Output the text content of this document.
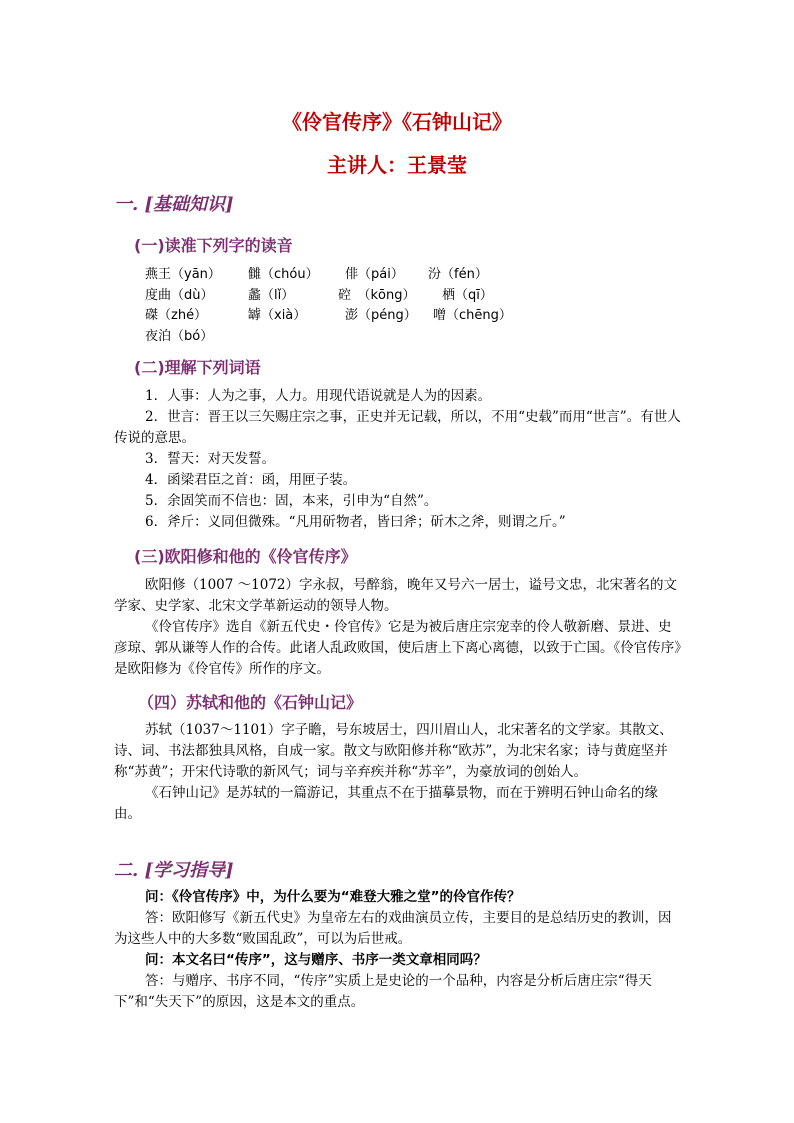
《伶官传序》《石钟山记》
主讲人：王景莹
一. [基础知识]
(一)读准下列字的读音
燕王（yān） 雠（chóu） 俳（pái） 汾（fén）
度曲（dù）	蠡（lǐ）	硿　（kōng） 栖（qī）
磔（zhé）	罅（xià）	澎（péng） 噌（chēng）
夜泊（bó）
(二)理解下列词语

1．人事：人为之事，人力。用现代语说就是人为的因素。

2．世言：晋王以三矢赐庄宗之事，正史并无记载，所以，不用“史载”而用“世言”。有世人传说的意思。

3．誓天：对天发誓。

4．函梁君臣之首：函，用匣子装。

5．余固笑而不信也：固，本来，引申为“自然”。

6．斧斤：义同但微殊。“凡用斫物者，皆曰斧；斫木之斧，则谓之斤。”

(三)欧阳修和他的《伶官传序》

欧阳修（1007 ～1072）字永叔，号醉翁，晚年又号六一居士，谥号文忠，北宋著名的文学家、史学家、北宋文学革新运动的领导人物。

《伶官传序》选自《新五代史・伶官传》它是为被后唐庄宗宠幸的伶人敬新磨、景进、史彦琼、郭从谦等人作的合传。此诸人乱政败国，使后唐上下离心离德，以致于亡国。《伶官传序》是欧阳修为《伶官传》所作的序文。

（四）苏轼和他的《石钟山记》

苏轼（1037～1101）字子瞻，号东坡居士，四川眉山人，北宋著名的文学家。其散文、诗、词、书法都独具风格，自成一家。散文与欧阳修并称“欧苏”，为北宋名家；诗与黄庭坚并称“苏黄”；开宋代诗歌的新风气；词与辛弃疾并称“苏辛”，为豪放词的创始人。

《石钟山记》是苏轼的一篇游记，其重点不在于描摹景物，而在于辨明石钟山命名的缘由。

二. [学习指导]

问：《伶官传序》中，为什么要为“难登大雅之堂”的伶官作传？

答：欧阳修写《新五代史》为皇帝左右的戏曲演员立传，主要目的是总结历史的教训，因为这些人中的大多数“败国乱政”，可以为后世戒。

问：本文名曰“传序”，这与赠序、书序一类文章相同吗？

答：与赠序、书序不同，“传序”实质上是史论的一个品种，内容是分析后唐庄宗“得天下”和“失天下”的原因，这是本文的重点。
